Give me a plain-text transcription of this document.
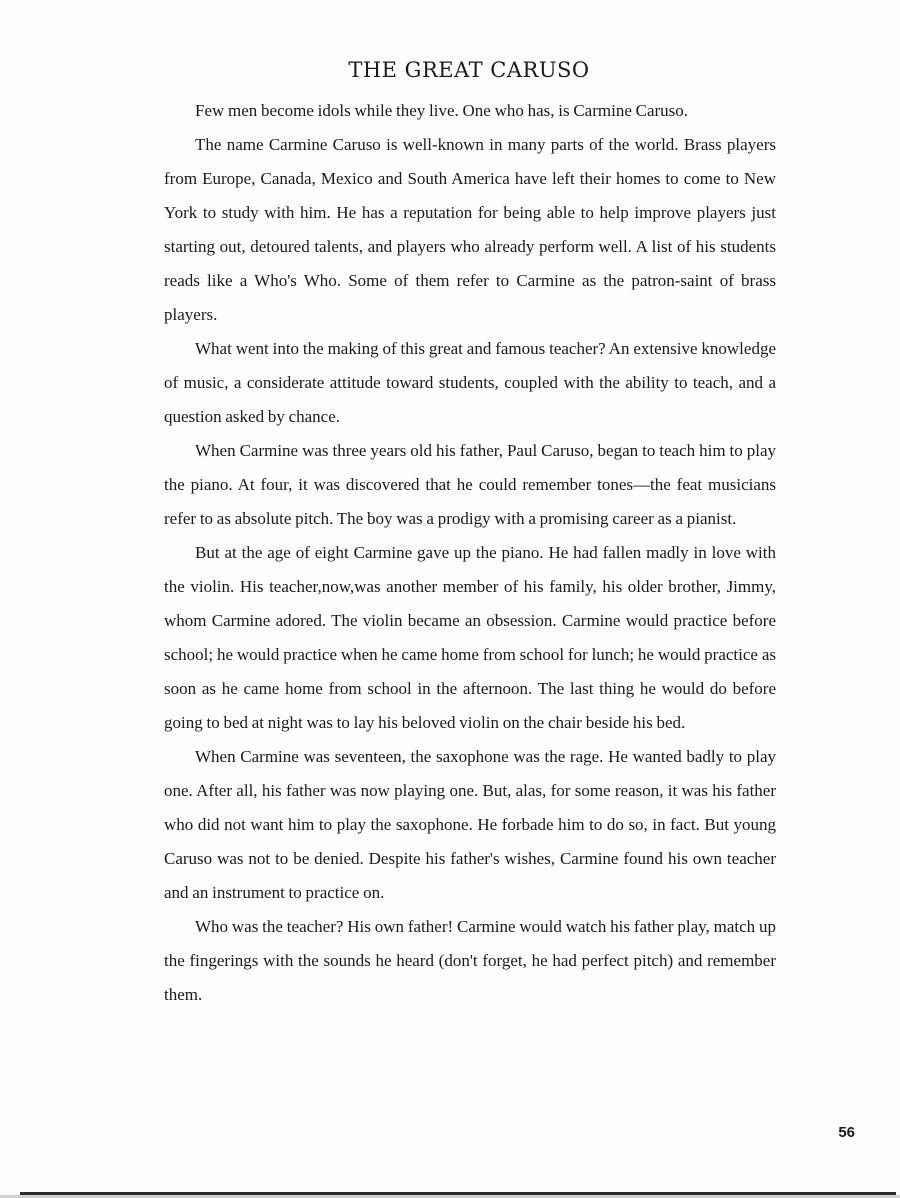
THE GREAT CARUSO

Few men become idols while they live. One who has, is Carmine Caruso.

The name Carmine Caruso is well-known in many parts of the world. Brass players from Europe, Canada, Mexico and South America have left their homes to come to New York to study with him. He has a reputation for being able to help improve players just starting out, detoured talents, and players who already perform well. A list of his students reads like a Who's Who. Some of them refer to Carmine as the patron-saint of brass players.

What went into the making of this great and famous teacher? An extensive knowledge of music, a considerate attitude toward students, coupled with the ability to teach, and a question asked by chance.

When Carmine was three years old his father, Paul Caruso, began to teach him to play the piano. At four, it was discovered that he could remember tones—the feat musicians refer to as absolute pitch. The boy was a prodigy with a promising career as a pianist.

But at the age of eight Carmine gave up the piano. He had fallen madly in love with the violin. His teacher,now,was another member of his family, his older brother, Jimmy, whom Carmine adored. The violin became an obsession. Carmine would practice before school; he would practice when he came home from school for lunch; he would practice as soon as he came home from school in the afternoon. The last thing he would do before going to bed at night was to lay his beloved violin on the chair beside his bed.

When Carmine was seventeen, the saxophone was the rage. He wanted badly to play one. After all, his father was now playing one. But, alas, for some reason, it was his father who did not want him to play the saxophone. He forbade him to do so, in fact. But young Caruso was not to be denied. Despite his father's wishes, Carmine found his own teacher and an instrument to practice on.

Who was the teacher? His own father! Carmine would watch his father play, match up the fingerings with the sounds he heard (don't forget, he had perfect pitch) and remember them.

56
